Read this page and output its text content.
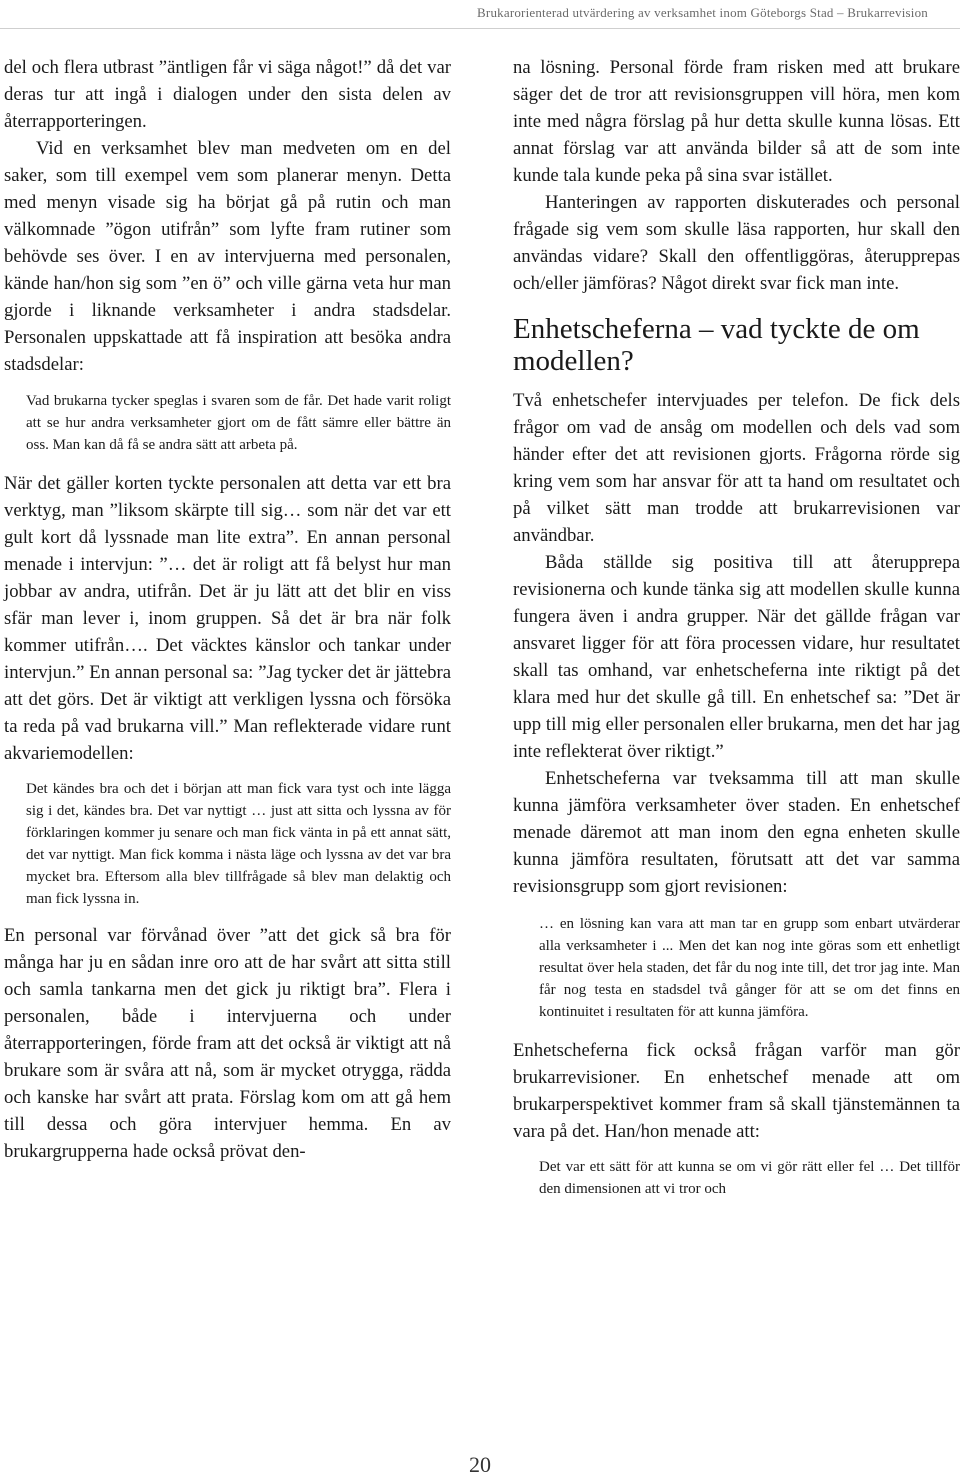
Brukarorienterad utvärdering av verksamhet inom Göteborgs Stad – Brukarrevision

del och flera utbrast ”äntligen får vi säga något!” då det var deras tur att ingå i dialogen under den sista delen av återrapporteringen.

Vid en verksamhet blev man medveten om en del saker, som till exempel vem som planerar menyn. Detta med menyn visade sig ha börjat gå på rutin och man välkomnade ”ögon utifrån” som lyfte fram rutiner som behövde ses över. I en av intervjuerna med personalen, kände han/hon sig som ”en ö” och ville gärna veta hur man gjorde i liknande verksamheter i andra stadsdelar. Personalen uppskattade att få inspiration att besöka andra stadsdelar:

Vad brukarna tycker speglas i svaren som de får. Det hade varit roligt att se hur andra verksamheter gjort om de fått sämre eller bättre än oss. Man kan då få se andra sätt att arbeta på.

När det gäller korten tyckte personalen att detta var ett bra verktyg, man ”liksom skärpte till sig… som när det var ett gult kort då lyssnade man lite extra”. En annan personal menade i intervjun: ”… det är roligt att få belyst hur man jobbar av andra, utifrån. Det är ju lätt att det blir en viss sfär man lever i, inom gruppen. Så det är bra när folk kommer utifrån…. Det väcktes känslor och tankar under intervjun.” En annan personal sa: ”Jag tycker det är jättebra att det görs. Det är viktigt att verkligen lyssna och försöka ta reda på vad brukarna vill.” Man reflekterade vidare runt akvariemodellen:

Det kändes bra och det i början att man fick vara tyst och inte lägga sig i det, kändes bra. Det var nyttigt … just att sitta och lyssna av för förklaringen kommer ju senare och man fick vänta in på ett annat sätt, det var nyttigt. Man fick komma i nästa läge och lyssna av det var bra mycket bra. Eftersom alla blev tillfrågade så blev man delaktig och man fick lyssna in.

En personal var förvånad över ”att det gick så bra för många har ju en sådan inre oro att de har svårt att sitta still och samla tankarna men det gick ju riktigt bra”. Flera i personalen, både i intervjuerna och under återrapporteringen, förde fram att det också är viktigt att nå brukare som är svåra att nå, som är mycket otrygga, rädda och kanske har svårt att prata. Förslag kom om att gå hem till dessa och göra intervjuer hemma. En av brukargrupperna hade också prövat den-

na lösning. Personal förde fram risken med att brukare säger det de tror att revisionsgruppen vill höra, men kom inte med några förslag på hur detta skulle kunna lösas. Ett annat förslag var att använda bilder så att de som inte kunde tala kunde peka på sina svar istället.

Hanteringen av rapporten diskuterades och personal frågade sig vem som skulle läsa rapporten, hur skall den användas vidare? Skall den offentliggöras, återupprepas och/eller jämföras? Något direkt svar fick man inte.

Enhetscheferna – vad tyckte de om modellen?

Två enhetschefer intervjuades per telefon. De fick dels frågor om vad de ansåg om modellen och dels vad som händer efter det att revisionen gjorts. Frågorna rörde sig kring vem som har ansvar för att ta hand om resultatet och på vilket sätt man trodde att brukarrevisionen var användbar.

Båda ställde sig positiva till att återupprepa revisionerna och kunde tänka sig att modellen skulle kunna fungera även i andra grupper. När det gällde frågan var ansvaret ligger för att föra processen vidare, hur resultatet skall tas omhand, var enhetscheferna inte riktigt på det klara med hur det skulle gå till. En enhetschef sa: ”Det är upp till mig eller personalen eller brukarna, men det har jag inte reflekterat över riktigt.”

Enhetscheferna var tveksamma till att man skulle kunna jämföra verksamheter över staden. En enhetschef menade däremot att man inom den egna enheten skulle kunna jämföra resultaten, förutsatt att det var samma revisionsgrupp som gjort revisionen:

… en lösning kan vara att man tar en grupp som enbart utvärderar alla verksamheter i ... Men det kan nog inte göras som ett enhetligt resultat över hela staden, det får du nog inte till, det tror jag inte. Man får nog testa en stadsdel två gånger för att se om det finns en kontinuitet i resultaten för att kunna jämföra.

Enhetscheferna fick också frågan varför man gör brukarrevisioner. En enhetschef menade att om brukarperspektivet kommer fram så skall tjänstemännen ta vara på det. Han/hon menade att:

Det var ett sätt för att kunna se om vi gör rätt eller fel … Det tillför den dimensionen att vi tror och
20
